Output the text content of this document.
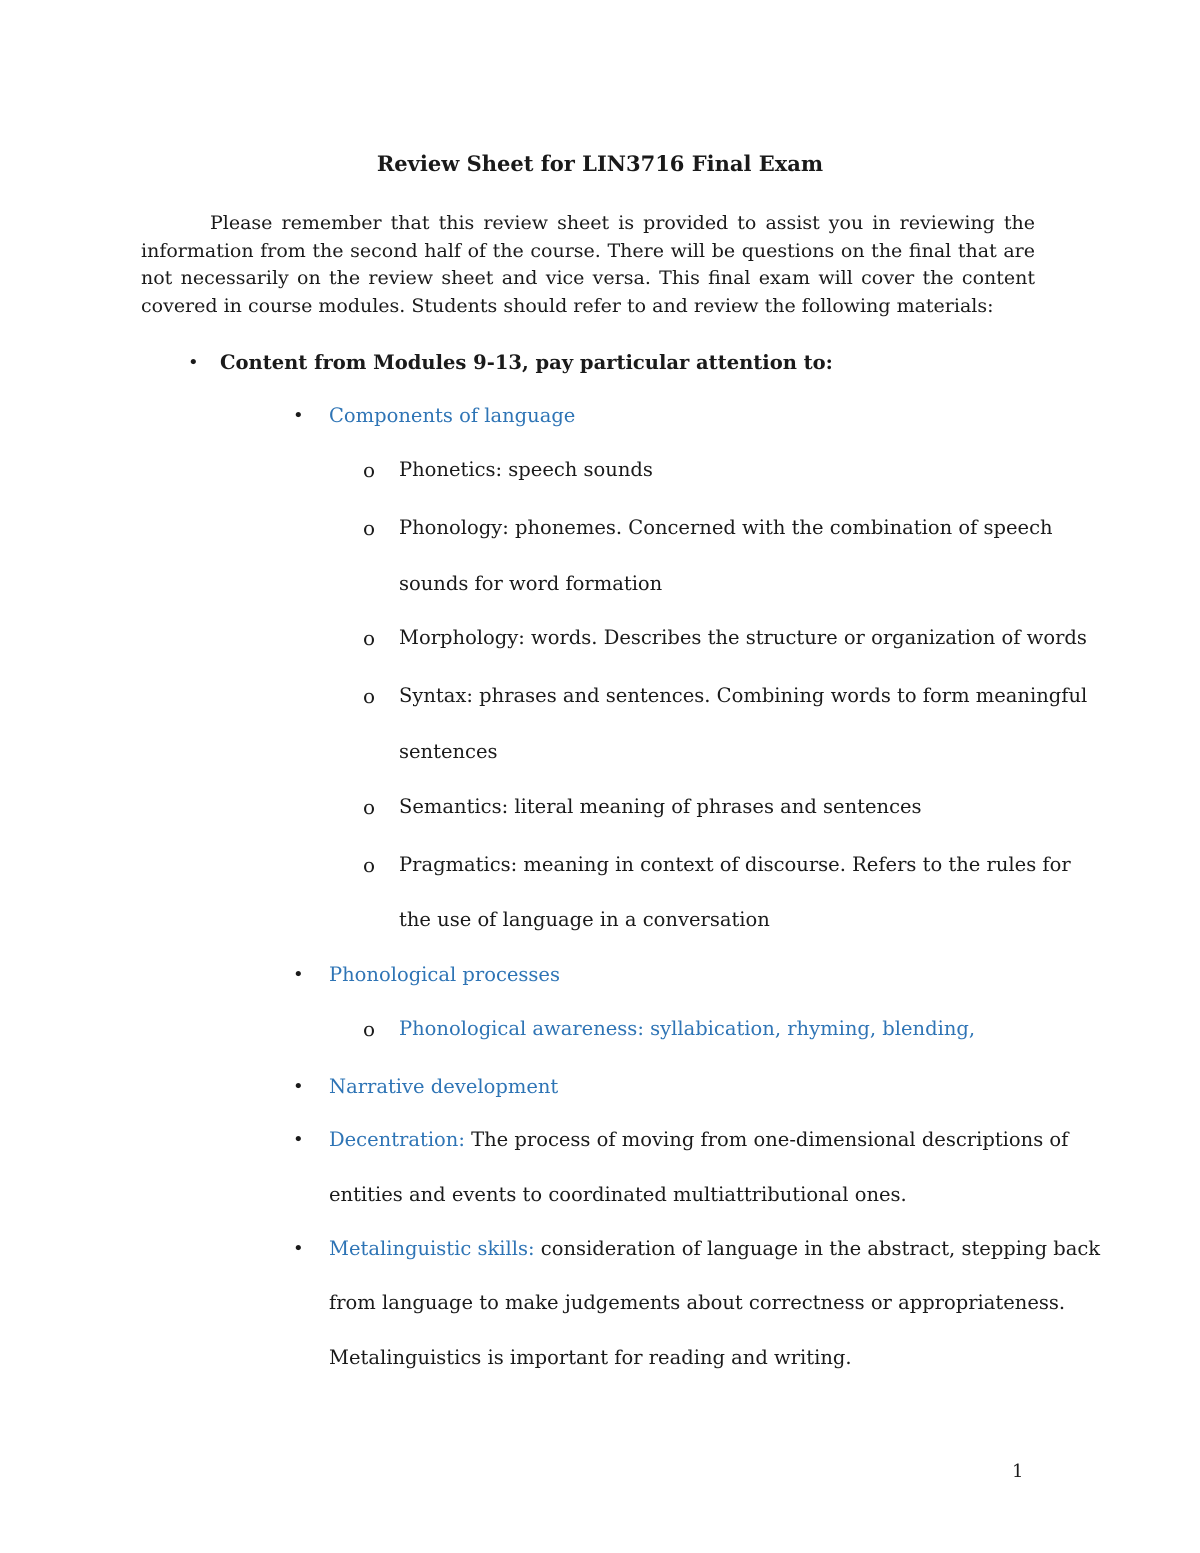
Review Sheet for LIN3716 Final Exam

Please remember that this review sheet is provided to assist you in reviewing the information from the second half of the course. There will be questions on the final that are not necessarily on the review sheet and vice versa. This final exam will cover the content covered in course modules. Students should refer to and review the following materials:

• Content from Modules 9-13, pay particular attention to:
• Components of language
o Phonetics: speech sounds
o Phonology: phonemes. Concerned with the combination of speech
sounds for word formation
o Morphology: words. Describes the structure or organization of words
o Syntax: phrases and sentences. Combining words to form meaningful
sentences
o Semantics: literal meaning of phrases and sentences
o Pragmatics: meaning in context of discourse. Refers to the rules for
the use of language in a conversation
• Phonological processes
o Phonological awareness: syllabication, rhyming, blending,
• Narrative development
• Decentration: The process of moving from one-dimensional descriptions of
entities and events to coordinated multiattributional ones.
• Metalinguistic skills: consideration of language in the abstract, stepping back
from language to make judgements about correctness or appropriateness.
Metalinguistics is important for reading and writing.
1
